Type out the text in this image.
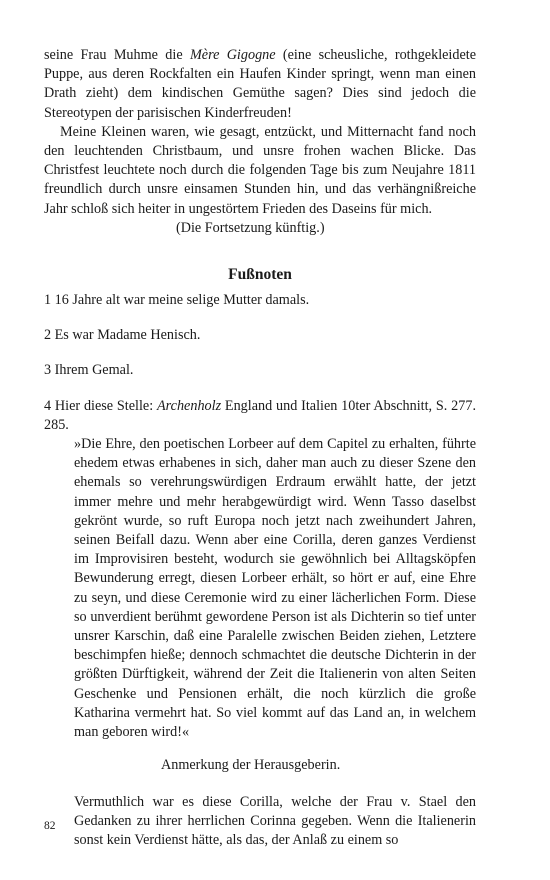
seine Frau Muhme die Mère Gigogne (eine scheusliche, rothgekleidete Puppe, aus deren Rockfalten ein Haufen Kinder springt, wenn man einen Drath zieht) dem kindischen Gemüthe sagen? Dies sind jedoch die Stereotypen der parisischen Kinderfreuden!

Meine Kleinen waren, wie gesagt, entzückt, und Mitternacht fand noch den leuchtenden Christbaum, und unsre frohen wachen Blicke. Das Christfest leuchtete noch durch die folgenden Tage bis zum Neujahre 1811 freundlich durch unsre einsamen Stunden hin, und das verhängnißreiche Jahr schloß sich heiter in ungestörtem Frieden des Daseins für mich.

(Die Fortsetzung künftig.)

Fußnoten

1 16 Jahre alt war meine selige Mutter damals.

2 Es war Madame Henisch.

3 Ihrem Gemal.

4 Hier diese Stelle: Archenholz England und Italien 10ter Abschnitt, S. 277. 285.

»Die Ehre, den poetischen Lorbeer auf dem Capitel zu erhalten, führte ehedem etwas erhabenes in sich, daher man auch zu dieser Szene den ehemals so verehrungswürdigen Erdraum erwählt hatte, der jetzt immer mehre und mehr herabgewürdigt wird. Wenn Tasso daselbst gekrönt wurde, so ruft Europa noch jetzt nach zweihundert Jahren, seinen Beifall dazu. Wenn aber eine Corilla, deren ganzes Verdienst im Improvisiren besteht, wodurch sie gewöhnlich bei Alltagsköpfen Bewunderung erregt, diesen Lorbeer erhält, so hört er auf, eine Ehre zu seyn, und diese Ceremonie wird zu einer lächerlichen Form. Diese so unverdient berühmt gewordene Person ist als Dichterin so tief unter unsrer Karschin, daß eine Paralelle zwischen Beiden ziehen, Letztere beschimpfen hieße; dennoch schmachtet die deutsche Dichterin in der größten Dürftigkeit, während der Zeit die Italienerin von alten Seiten Geschenke und Pensionen erhält, die noch kürzlich die große Katharina vermehrt hat. So viel kommt auf das Land an, in welchem man geboren wird!«

Anmerkung der Herausgeberin.

Vermuthlich war es diese Corilla, welche der Frau v. Stael den Gedanken zu ihrer herrlichen Corinna gegeben. Wenn die Italienerin sonst kein Verdienst hätte, als das, der Anlaß zu einem so

82
